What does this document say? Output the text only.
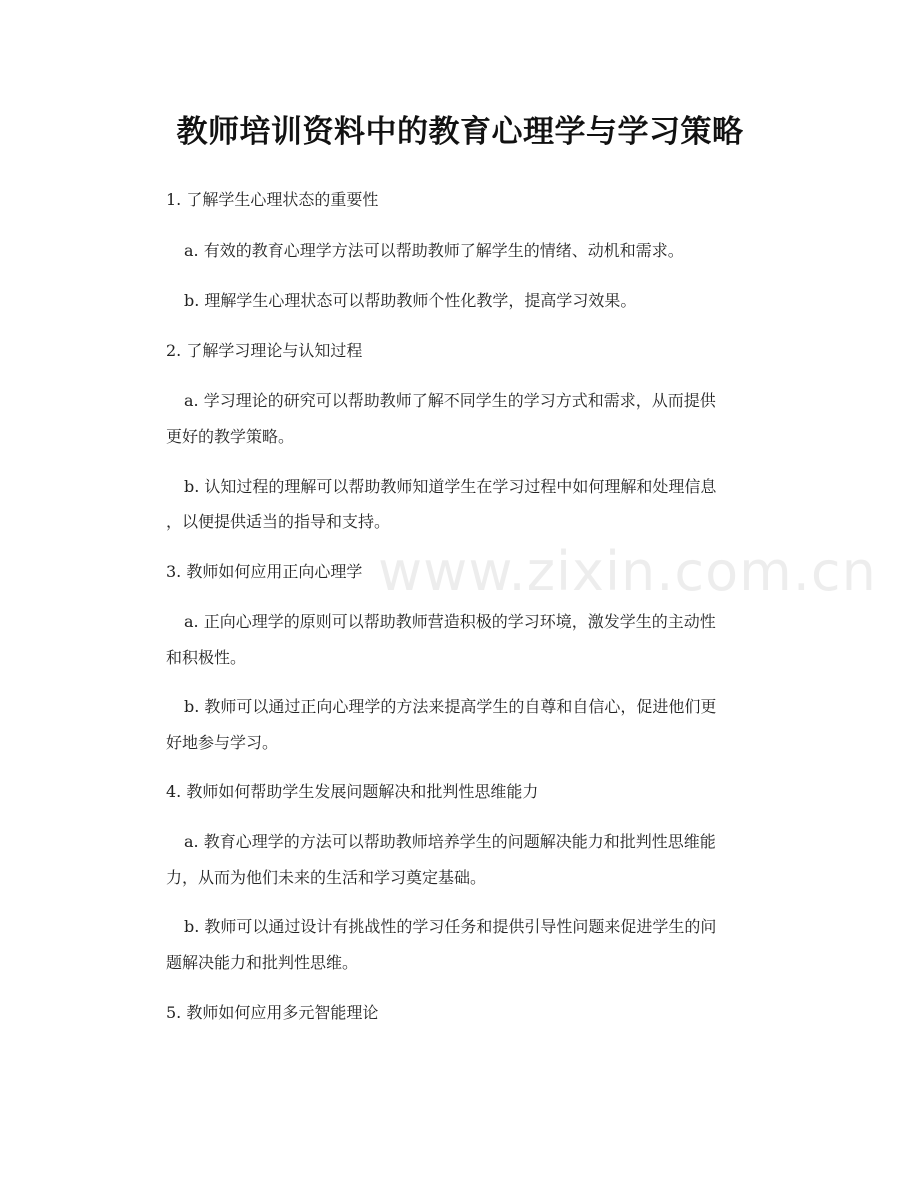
www.zixin.com.cn
教师培训资料中的教育心理学与学习策略
1. 了解学生心理状态的重要性
a. 有效的教育心理学方法可以帮助教师了解学生的情绪、动机和需求。
b. 理解学生心理状态可以帮助教师个性化教学，提高学习效果。
2. 了解学习理论与认知过程
a. 学习理论的研究可以帮助教师了解不同学生的学习方式和需求，从而提供
更好的教学策略。
b. 认知过程的理解可以帮助教师知道学生在学习过程中如何理解和处理信息
，以便提供适当的指导和支持。
3. 教师如何应用正向心理学
a. 正向心理学的原则可以帮助教师营造积极的学习环境，激发学生的主动性
和积极性。
b. 教师可以通过正向心理学的方法来提高学生的自尊和自信心，促进他们更
好地参与学习。
4. 教师如何帮助学生发展问题解决和批判性思维能力
a. 教育心理学的方法可以帮助教师培养学生的问题解决能力和批判性思维能
力，从而为他们未来的生活和学习奠定基础。
b. 教师可以通过设计有挑战性的学习任务和提供引导性问题来促进学生的问
题解决能力和批判性思维。
5. 教师如何应用多元智能理论
